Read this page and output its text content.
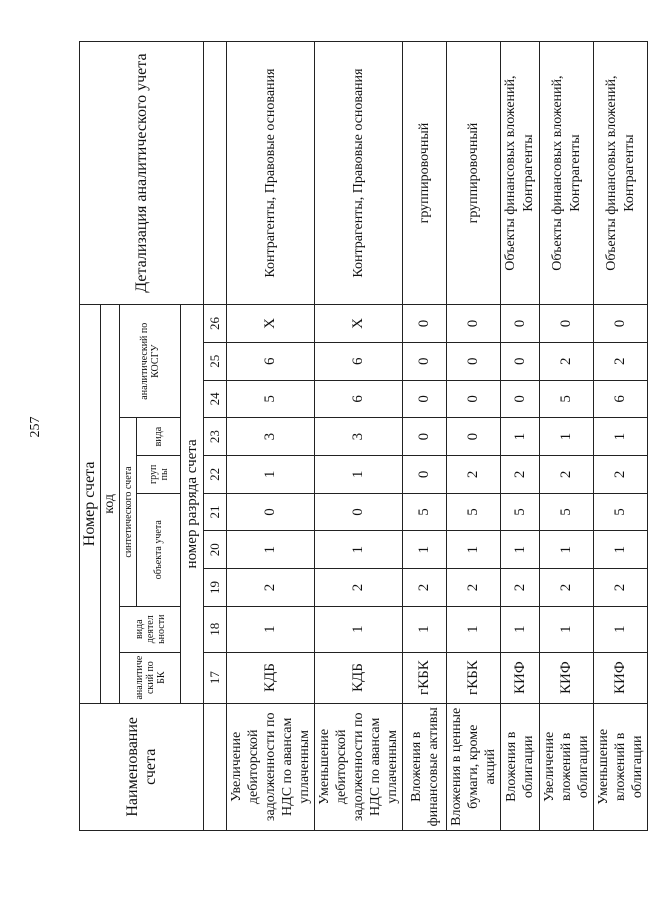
257
Наименование счета	Номер счета										Детализация аналитического учета
	код										
	аналитиче ский по БК	вида деятел ьности	синтетического счета					аналитический по КОСГУ			
			объекта учета			груп пы	вида				
	номер разряда счета										
	17	18	19	20	21	22	23	24	25	26	
Увеличение дебиторской задолженности по НДС по авансам уплаченным	КДБ	1	2	1	0	1	3	5	6	Х	Контрагенты, Правовые основания
Уменьшение дебиторской задолженности по НДС по авансам уплаченным	КДБ	1	2	1	0	1	3	6	6	Х	Контрагенты, Правовые основания
Вложения в финансовые активы	гКБК	1	2	1	5	0	0	0	0	0	группировочный
Вложения в ценные бумаги, кроме акций	гКБК	1	2	1	5	2	0	0	0	0	группировочный
Вложения в облигации	КИФ	1	2	1	5	2	1	0	0	0	Объекты финансовых вложений, Контрагенты
Увеличение вложений в облигации	КИФ	1	2	1	5	2	1	5	2	0	Объекты финансовых вложений, Контрагенты
Уменьшение вложений в облигации	КИФ	1	2	1	5	2	1	6	2	0	Объекты финансовых вложений, Контрагенты
